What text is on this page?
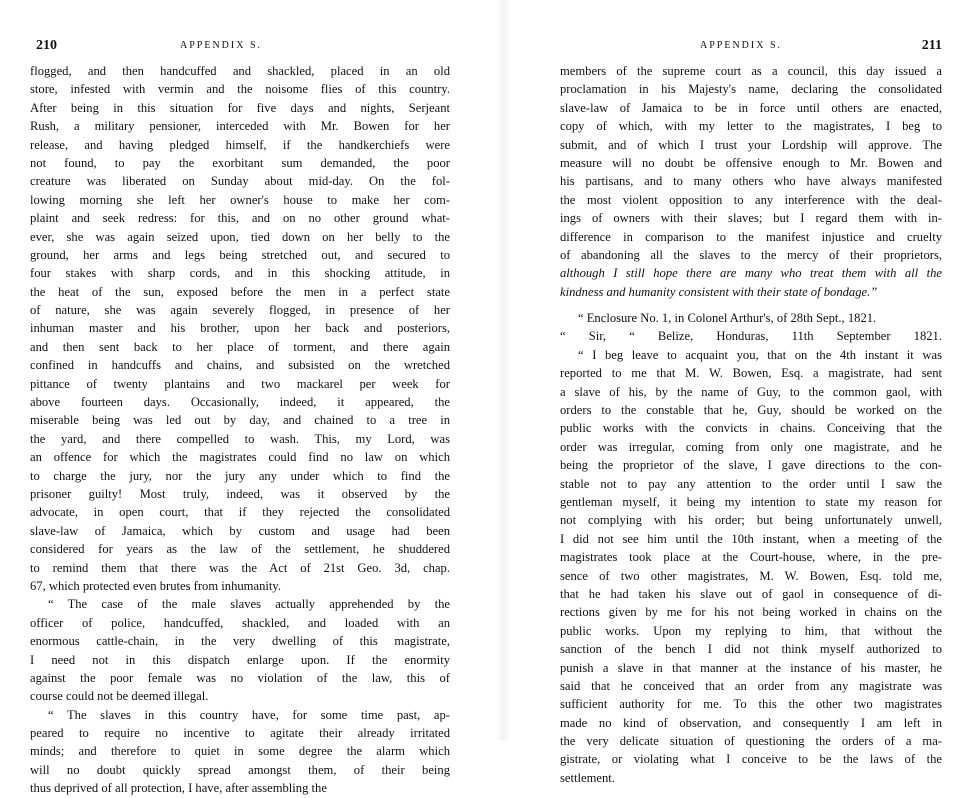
210	APPENDIX S.
flogged, and then handcuffed and shackled, placed in an old
store, infested with vermin and the noisome flies of this country.
After being in this situation for five days and nights, Serjeant
Rush, a military pensioner, interceded with Mr. Bowen for her
release, and having pledged himself, if the handkerchiefs were
not found, to pay the exorbitant sum demanded, the poor
creature was liberated on Sunday about mid-day. On the fol-
lowing morning she left her owner's house to make her com-
plaint and seek redress: for this, and on no other ground what-
ever, she was again seized upon, tied down on her belly to the
ground, her arms and legs being stretched out, and secured to
four stakes with sharp cords, and in this shocking attitude, in
the heat of the sun, exposed before the men in a perfect state
of nature, she was again severely flogged, in presence of her
inhuman master and his brother, upon her back and posteriors,
and then sent back to her place of torment, and there again
confined in handcuffs and chains, and subsisted on the wretched
pittance of twenty plantains and two mackarel per week for
above fourteen days. Occasionally, indeed, it appeared, the
miserable being was led out by day, and chained to a tree in
the yard, and there compelled to wash. This, my Lord, was
an offence for which the magistrates could find no law on which
to charge the jury, nor the jury any under which to find the
prisoner guilty! Most truly, indeed, was it observed by the
advocate, in open court, that if they rejected the consolidated
slave-law of Jamaica, which by custom and usage had been
considered for years as the law of the settlement, he shuddered
to remind them that there was the Act of 21st Geo. 3d, chap.
67, which protected even brutes from inhumanity.
“ The case of the male slaves actually apprehended by the
officer of police, handcuffed, shackled, and loaded with an
enormous cattle-chain, in the very dwelling of this magistrate,
I need not in this dispatch enlarge upon. If the enormity
against the poor female was no violation of the law, this of
course could not be deemed illegal.
“ The slaves in this country have, for some time past, ap-
peared to require no incentive to agitate their already irritated
minds; and therefore to quiet in some degree the alarm which
will no doubt quickly spread amongst them, of their being
thus deprived of all protection, I have, after assembling the
APPENDIX S.	211
members of the supreme court as a council, this day issued a
proclamation in his Majesty's name, declaring the consolidated
slave-law of Jamaica to be in force until others are enacted,
copy of which, with my letter to the magistrates, I beg to
submit, and of which I trust your Lordship will approve. The
measure will no doubt be offensive enough to Mr. Bowen and
his partisans, and to many others who have always manifested
the most violent opposition to any interference with the deal-
ings of owners with their slaves; but I regard them with in-
difference in comparison to the manifest injustice and cruelty
of abandoning all the slaves to the mercy of their proprietors,
although I still hope there are many who treat them with all the
kindness and humanity consistent with their state of bondage.”
“ Enclosure No. 1, in Colonel Arthur's, of 28th Sept., 1821.
“ Sir, “ Belize, Honduras, 11th September 1821.
“ I beg leave to acquaint you, that on the 4th instant it was
reported to me that M. W. Bowen, Esq. a magistrate, had sent
a slave of his, by the name of Guy, to the common gaol, with
orders to the constable that he, Guy, should be worked on the
public works with the convicts in chains. Conceiving that the
order was irregular, coming from only one magistrate, and he
being the proprietor of the slave, I gave directions to the con-
stable not to pay any attention to the order until I saw the
gentleman myself, it being my intention to state my reason for
not complying with his order; but being unfortunately unwell,
I did not see him until the 10th instant, when a meeting of the
magistrates took place at the Court-house, where, in the pre-
sence of two other magistrates, M. W. Bowen, Esq. told me,
that he had taken his slave out of gaol in consequence of di-
rections given by me for his not being worked in chains on the
public works. Upon my replying to him, that without the
sanction of the bench I did not think myself authorized to
punish a slave in that manner at the instance of his master, he
said that he conceived that an order from any magistrate was
sufficient authority for me. To this the other two magistrates
made no kind of observation, and consequently I am left in
the very delicate situation of questioning the orders of a ma-
gistrate, or violating what I conceive to be the laws of the
settlement.
